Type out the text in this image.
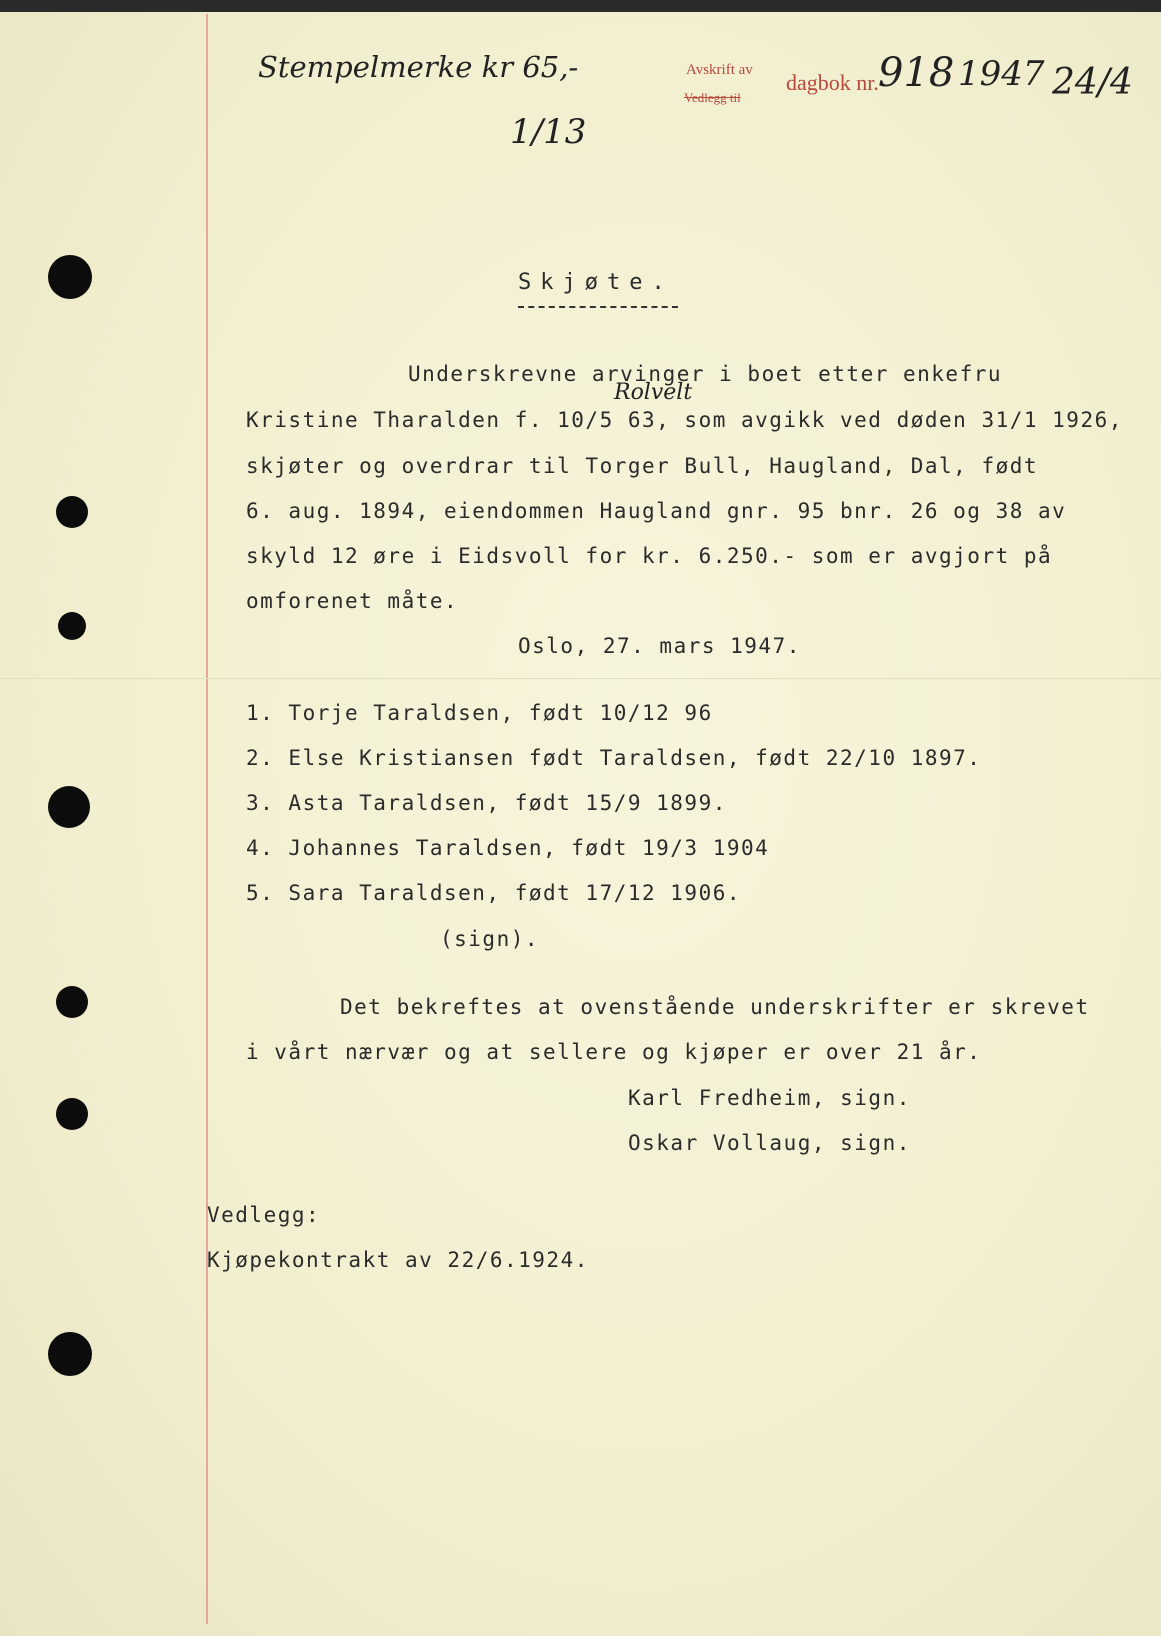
Stempelmerke kr 65,-
1/13
Avskrift av
Vedlegg til
dagbok nr. 918 1947 24/4
Skjøte.
Rolvelt
Underskrevne arvinger i boet etter enkefru
Kristine Tharalden f. 10/5 63, som avgikk ved døden 31/1 1926,
skjøter og overdrar til Torger Bull, Haugland, Dal, født
6. aug. 1894, eiendommen Haugland gnr. 95 bnr. 26 og 38 av
skyld 12 øre i Eidsvoll for kr. 6.250.- som er avgjort på
omforenet måte.
Oslo, 27. mars 1947.
1. Torje Taraldsen, født 10/12 96
2. Else Kristiansen født Taraldsen, født 22/10 1897.
3. Asta Taraldsen, født 15/9 1899.
4. Johannes Taraldsen, født 19/3 1904
5. Sara Taraldsen, født 17/12 1906.
(sign).
Det bekreftes at ovenstående underskrifter er skrevet
i vårt nærvær og at sellere og kjøper er over 21 år.
Karl Fredheim, sign.
Oskar Vollaug, sign.
Vedlegg:
Kjøpekontrakt av 22/6.1924.
